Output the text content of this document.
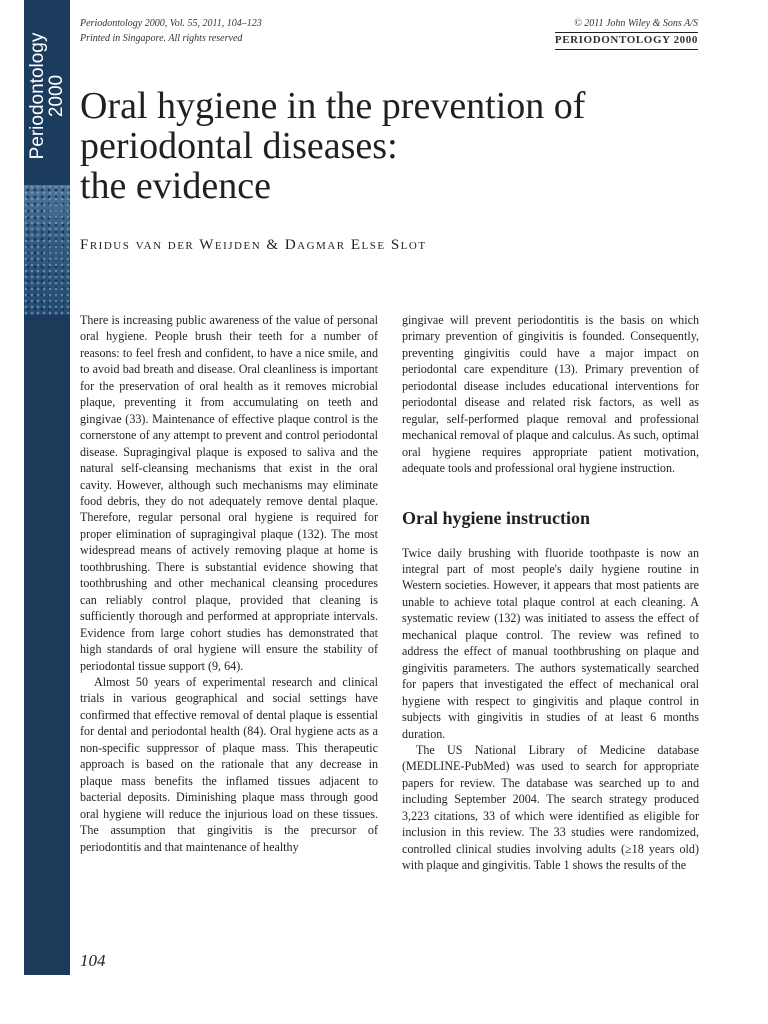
Periodontology
2000
Periodontology 2000, Vol. 55, 2011, 104–123
Printed in Singapore. All rights reserved
© 2011 John Wiley & Sons A/S
PERIODONTOLOGY 2000
Oral hygiene in the prevention of
periodontal diseases:
the evidence

Fridus van der Weijden & Dagmar Else Slot

There is increasing public awareness of the value of personal oral hygiene. People brush their teeth for a number of reasons: to feel fresh and confident, to have a nice smile, and to avoid bad breath and disease. Oral cleanliness is important for the preservation of oral health as it removes microbial plaque, preventing it from accumulating on teeth and gingivae (33). Maintenance of effective plaque control is the cornerstone of any attempt to prevent and control periodontal disease. Supragingival plaque is exposed to saliva and the natural self-cleansing mechanisms that exist in the oral cavity. However, although such mechanisms may eliminate food debris, they do not adequately remove dental plaque. Therefore, regular personal oral hygiene is required for proper elimination of supragingival plaque (132). The most widespread means of actively removing plaque at home is toothbrushing. There is substantial evidence showing that toothbrushing and other mechanical cleansing procedures can reliably control plaque, provided that cleaning is sufficiently thorough and performed at appropriate intervals. Evidence from large cohort studies has demonstrated that high standards of oral hygiene will ensure the stability of periodontal tissue support (9, 64).

Almost 50 years of experimental research and clinical trials in various geographical and social settings have confirmed that effective removal of dental plaque is essential for dental and periodontal health (84). Oral hygiene acts as a non-specific suppressor of plaque mass. This therapeutic approach is based on the rationale that any decrease in plaque mass benefits the inflamed tissues adjacent to bacterial deposits. Diminishing plaque mass through good oral hygiene will reduce the injurious load on these tissues. The assumption that gingivitis is the precursor of periodontitis and that maintenance of healthy

gingivae will prevent periodontitis is the basis on which primary prevention of gingivitis is founded. Consequently, preventing gingivitis could have a major impact on periodontal care expenditure (13). Primary prevention of periodontal disease includes educational interventions for periodontal disease and related risk factors, as well as regular, self-performed plaque removal and professional mechanical removal of plaque and calculus. As such, optimal oral hygiene requires appropriate patient motivation, adequate tools and professional oral hygiene instruction.

Oral hygiene instruction

Twice daily brushing with fluoride toothpaste is now an integral part of most people's daily hygiene routine in Western societies. However, it appears that most patients are unable to achieve total plaque control at each cleaning. A systematic review (132) was initiated to assess the effect of mechanical plaque control. The review was refined to address the effect of manual toothbrushing on plaque and gingivitis parameters. The authors systematically searched for papers that investigated the effect of mechanical oral hygiene with respect to gingivitis and plaque control in subjects with gingivitis in studies of at least 6 months duration.

The US National Library of Medicine database (MEDLINE-PubMed) was used to search for appropriate papers for review. The database was searched up to and including September 2004. The search strategy produced 3,223 citations, 33 of which were identified as eligible for inclusion in this review. The 33 studies were randomized, controlled clinical studies involving adults (≥18 years old) with plaque and gingivitis. Table 1 shows the results of the

104
